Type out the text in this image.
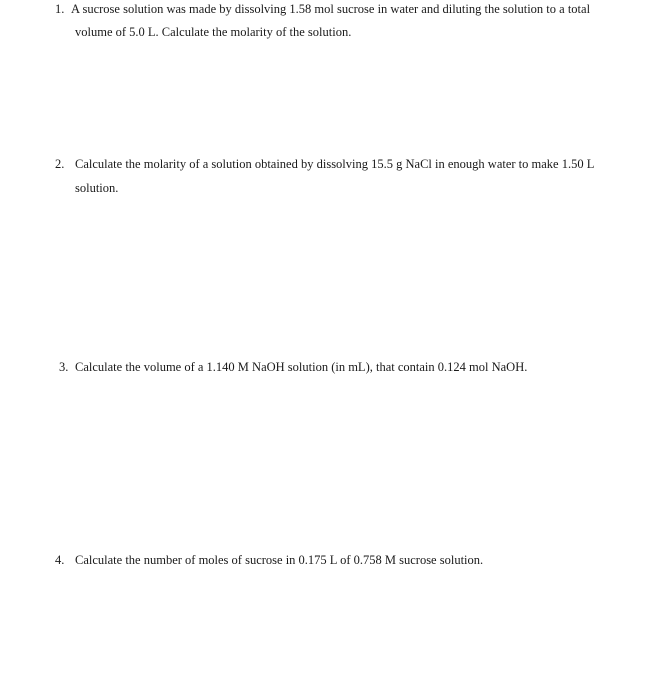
1. A sucrose solution was made by dissolving 1.58 mol sucrose in water and diluting the solution to a total
volume of 5.0 L. Calculate the molarity of the solution.
2. Calculate the molarity of a solution obtained by dissolving 15.5 g NaCl in enough water to make 1.50 L
solution.
3. Calculate the volume of a 1.140 M NaOH solution (in mL), that contain 0.124 mol NaOH.
4. Calculate the number of moles of sucrose in 0.175 L of 0.758 M sucrose solution.
